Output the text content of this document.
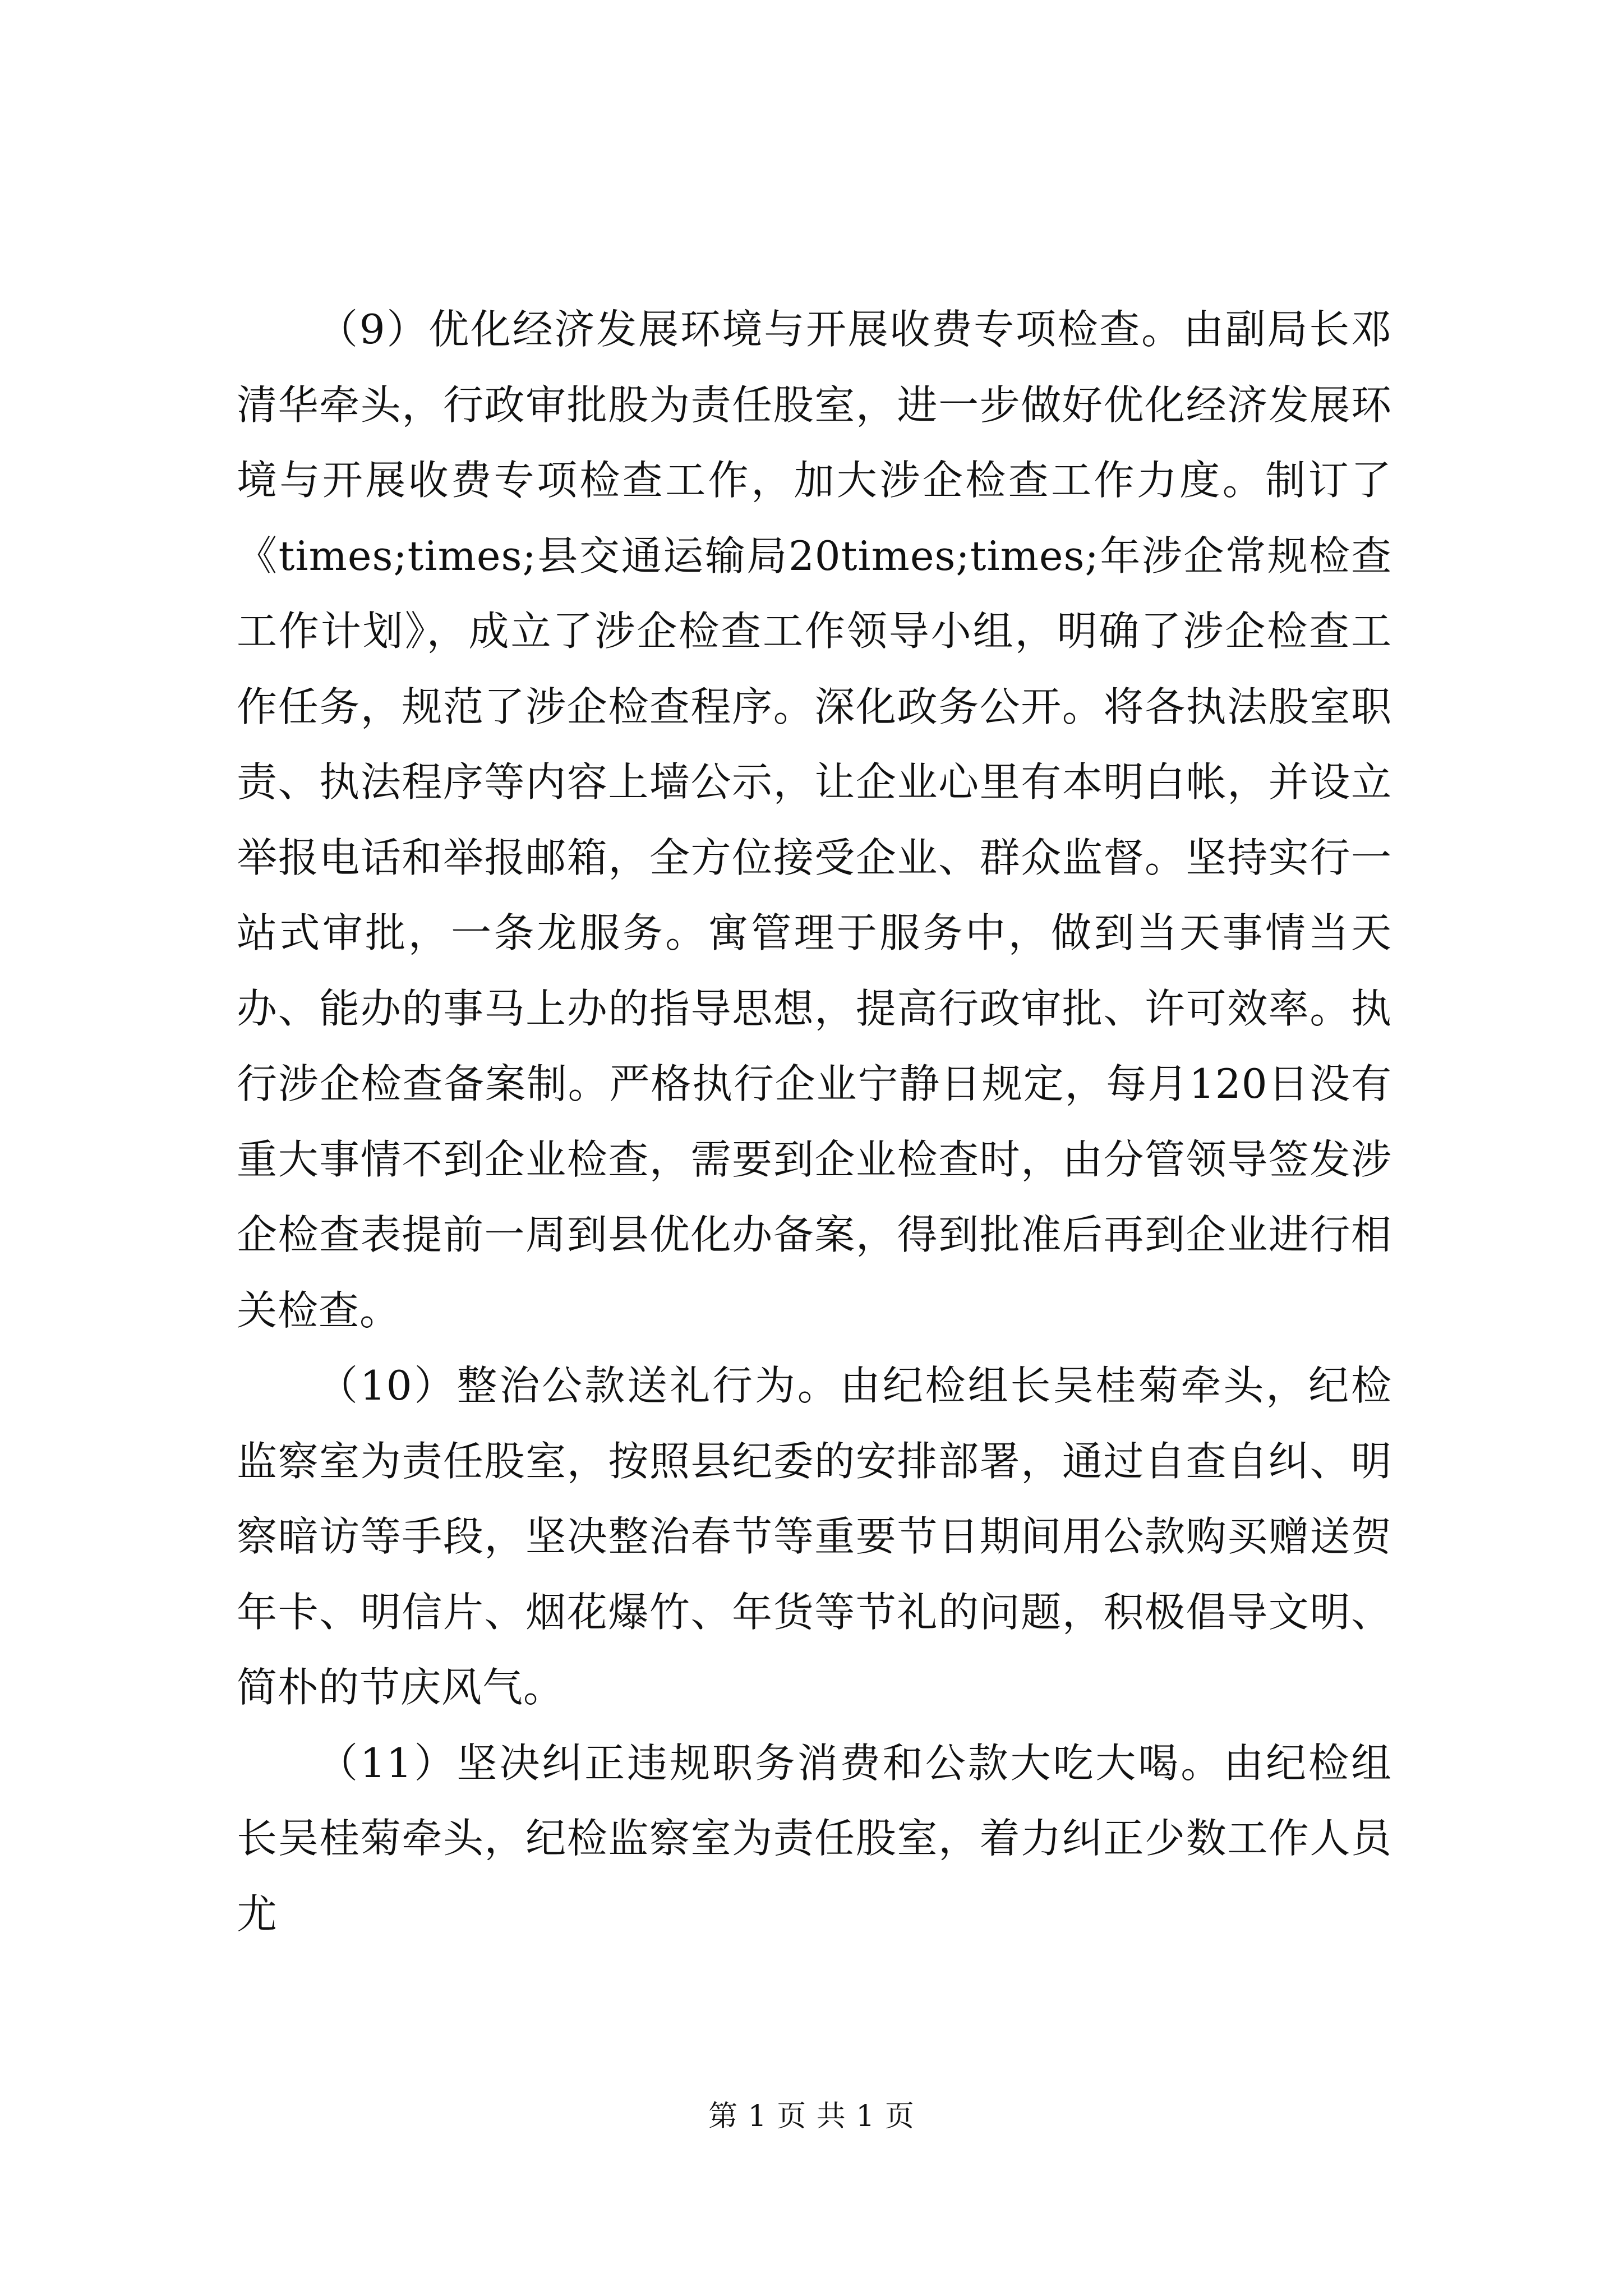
（9）优化经济发展环境与开展收费专项检查。由副局长邓清华牵头，行政审批股为责任股室，进一步做好优化经济发展环境与开展收费专项检查工作，加大涉企检查工作力度。制订了《times;times;县交通运输局20times;times;年涉企常规检查工作计划》，成立了涉企检查工作领导小组，明确了涉企检查工作任务，规范了涉企检查程序。深化政务公开。将各执法股室职责、执法程序等内容上墙公示，让企业心里有本明白帐，并设立举报电话和举报邮箱，全方位接受企业、群众监督。坚持实行一站式审批，一条龙服务。寓管理于服务中，做到当天事情当天办、能办的事马上办的指导思想，提高行政审批、许可效率。执行涉企检查备案制。严格执行企业宁静日规定，每月120日没有重大事情不到企业检查，需要到企业检查时，由分管领导签发涉企检查表提前一周到县优化办备案，得到批准后再到企业进行相关检查。

（10）整治公款送礼行为。由纪检组长吴桂菊牵头，纪检监察室为责任股室，按照县纪委的安排部署，通过自查自纠、明察暗访等手段，坚决整治春节等重要节日期间用公款购买赠送贺年卡、明信片、烟花爆竹、年货等节礼的问题，积极倡导文明、简朴的节庆风气。

（11）坚决纠正违规职务消费和公款大吃大喝。由纪检组长吴桂菊牵头，纪检监察室为责任股室，着力纠正少数工作人员尤

第 1 页 共 1 页
